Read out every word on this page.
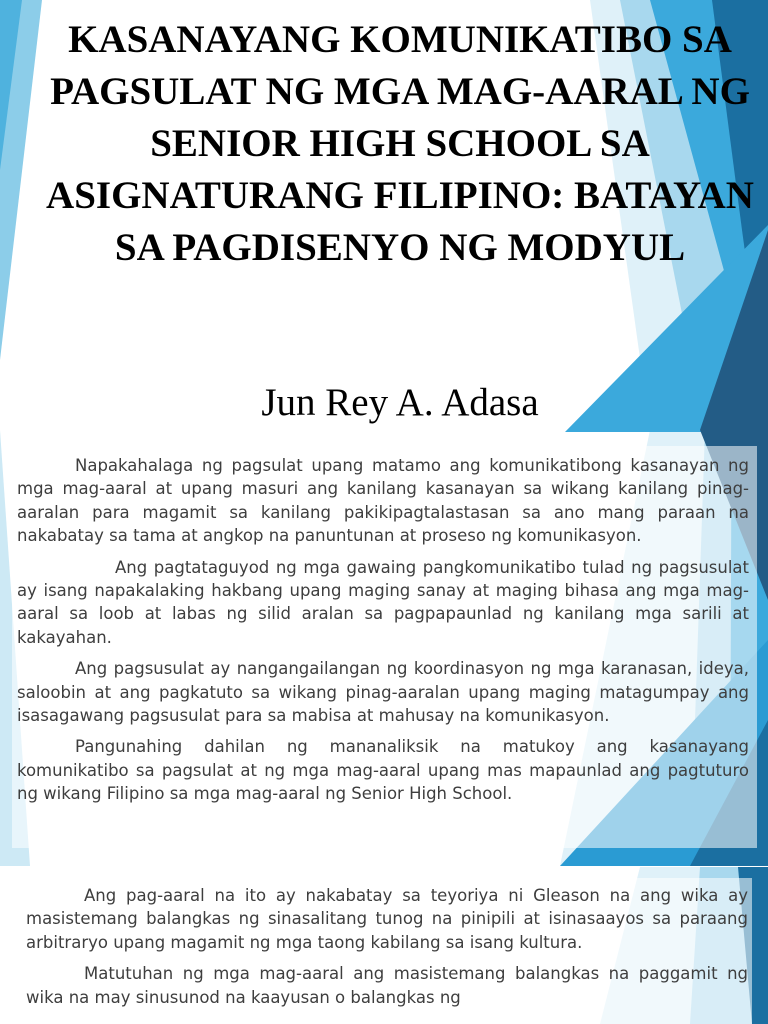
KASANAYANG KOMUNIKATIBO SA PAGSULAT NG MGA MAG-AARAL NG SENIOR HIGH SCHOOL SA ASIGNATURANG FILIPINO: BATAYAN SA PAGDISENYO NG MODYUL

Jun Rey A. Adasa

Napakahalaga ng pagsulat upang matamo ang komunikatibong kasanayan ng mga mag-aaral at upang masuri ang kanilang kasanayan sa wikang kanilang pinag-aaralan para magamit sa kanilang pakikipagtalastasan sa ano mang paraan na nakabatay sa tama at angkop na panuntunan at proseso ng komunikasyon.

Ang pagtataguyod ng mga gawaing pangkomunikatibo tulad ng pagsusulat ay isang napakalaking hakbang upang maging sanay at maging bihasa ang mga mag-aaral sa loob at labas ng silid aralan sa pagpapaunlad ng kanilang mga sarili at kakayahan.

Ang pagsusulat ay nangangailangan ng koordinasyon ng mga karanasan, ideya, saloobin at ang pagkatuto sa wikang pinag-aaralan upang maging matagumpay ang isasagawang pagsusulat para sa mabisa at mahusay na komunikasyon.

Pangunahing dahilan ng mananaliksik na matukoy ang kasanayang komunikatibo sa pagsulat at ng mga mag-aaral upang mas mapaunlad ang pagtuturo ng wikang Filipino sa mga mag-aaral ng Senior High School.

Ang pag-aaral na ito ay nakabatay sa teyoriya ni Gleason na ang wika ay masistemang balangkas ng sinasalitang tunog na pinipili at isinasaayos sa paraang arbitraryo upang magamit ng mga taong kabilang sa isang kultura.

Matutuhan ng mga mag-aaral ang masistemang balangkas na paggamit ng wika na may sinusunod na kaayusan o balangkas ng
